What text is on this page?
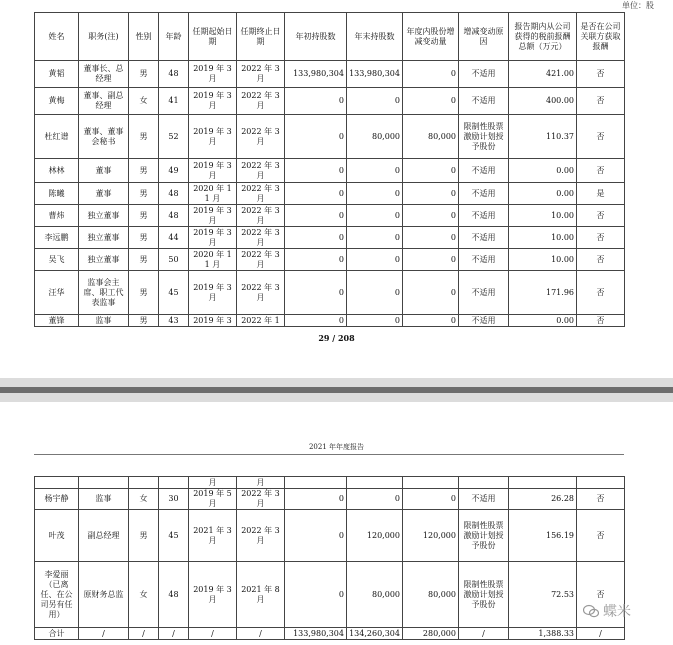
单位：股
姓名	职务(注)	性别	年龄	任期起始日期	任期终止日期	年初持股数	年末持股数	年度内股份增减变动量	增减变动原因	报告期内从公司获得的税前报酬总额（万元）	是否在公司关联方获取报酬
黄韬	董事长、总经理	男	48	2019 年 3 月	2022 年 3 月	133,980,304	133,980,304	0	不适用	421.00	否
黄梅	董事、副总经理	女	41	2019 年 3 月	2022 年 3 月	0	0	0	不适用	400.00	否
杜红谱	董事、董事会秘书	男	52	2019 年 3 月	2022 年 3 月	0	80,000	80,000	限制性股票激励计划授予股份	110.37	否
林林	董事	男	49	2019 年 3 月	2022 年 3 月	0	0	0	不适用	0.00	否
陈曦	董事	男	48	2020 年 11 月	2022 年 3 月	0	0	0	不适用	0.00	是
曹炜	独立董事	男	48	2019 年 3 月	2022 年 3 月	0	0	0	不适用	10.00	否
李远鹏	独立董事	男	44	2019 年 3 月	2022 年 3 月	0	0	0	不适用	10.00	否
吴飞	独立董事	男	50	2020 年 11 月	2022 年 3 月	0	0	0	不适用	10.00	否
汪华	监事会主席、职工代表监事	男	45	2019 年 3 月	2022 年 3 月	0	0	0	不适用	171.96	否
董锋	监事	男	43	2019 年 3	2022 年 1	0	0	0	不适用	0.00	否
29 / 208
2021 年年度报告
				月	月						
杨宇静	监事	女	30	2019 年 5 月	2022 年 3 月	0	0	0	不适用	26.28	否
叶茂	副总经理	男	45	2021 年 3 月	2022 年 3 月	0	120,000	120,000	限制性股票激励计划授予股份	156.19	否
李爱丽（已离任、在公司另有任用）	原财务总监	女	48	2019 年 3 月	2021 年 8 月	0	80,000	80,000	限制性股票激励计划授予股份	72.53	否
合计	/	/	/	/	/	133,980,304	134,260,304	280,000	/	1,388.33	/
蝶米
